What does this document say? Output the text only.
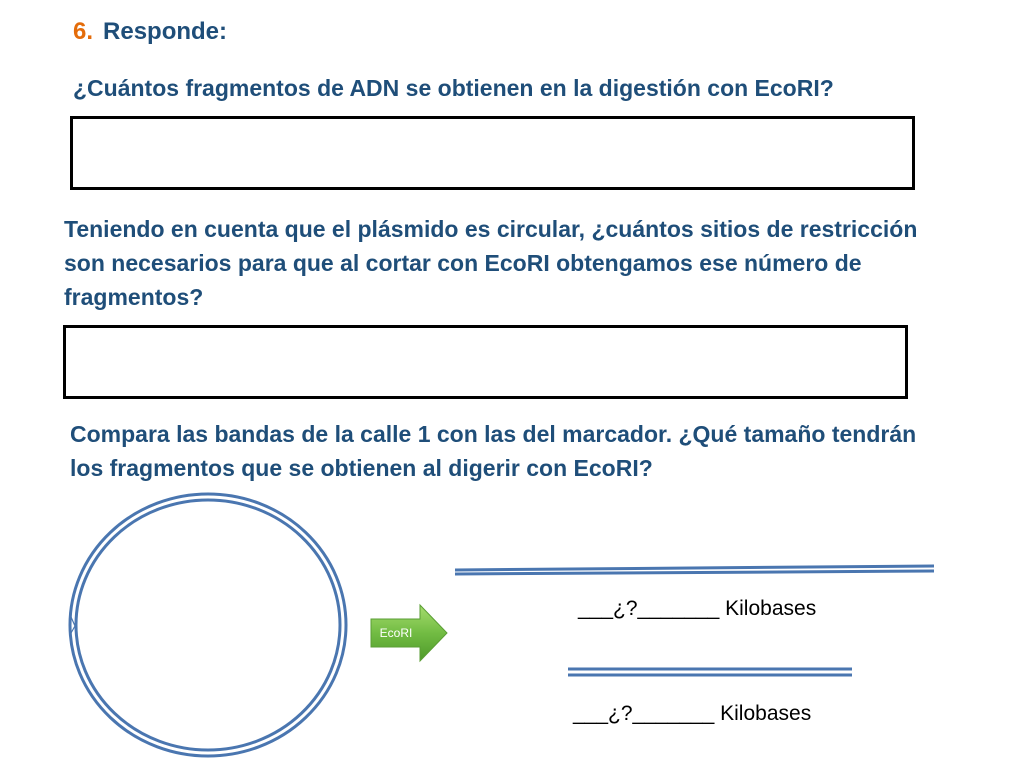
6. Responde:

¿Cuántos fragmentos de ADN se obtienen en la digestión con EcoRI?

Teniendo en cuenta que el plásmido es circular, ¿cuántos sitios de restricción son necesarios para que al cortar con EcoRI obtengamos ese número de fragmentos?

Compara las bandas de la calle 1 con las del marcador. ¿Qué tamaño tendrán los fragmentos que se obtienen al digerir con EcoRI?

EcoRI
___¿?_______ Kilobases
___¿?_______ Kilobases
